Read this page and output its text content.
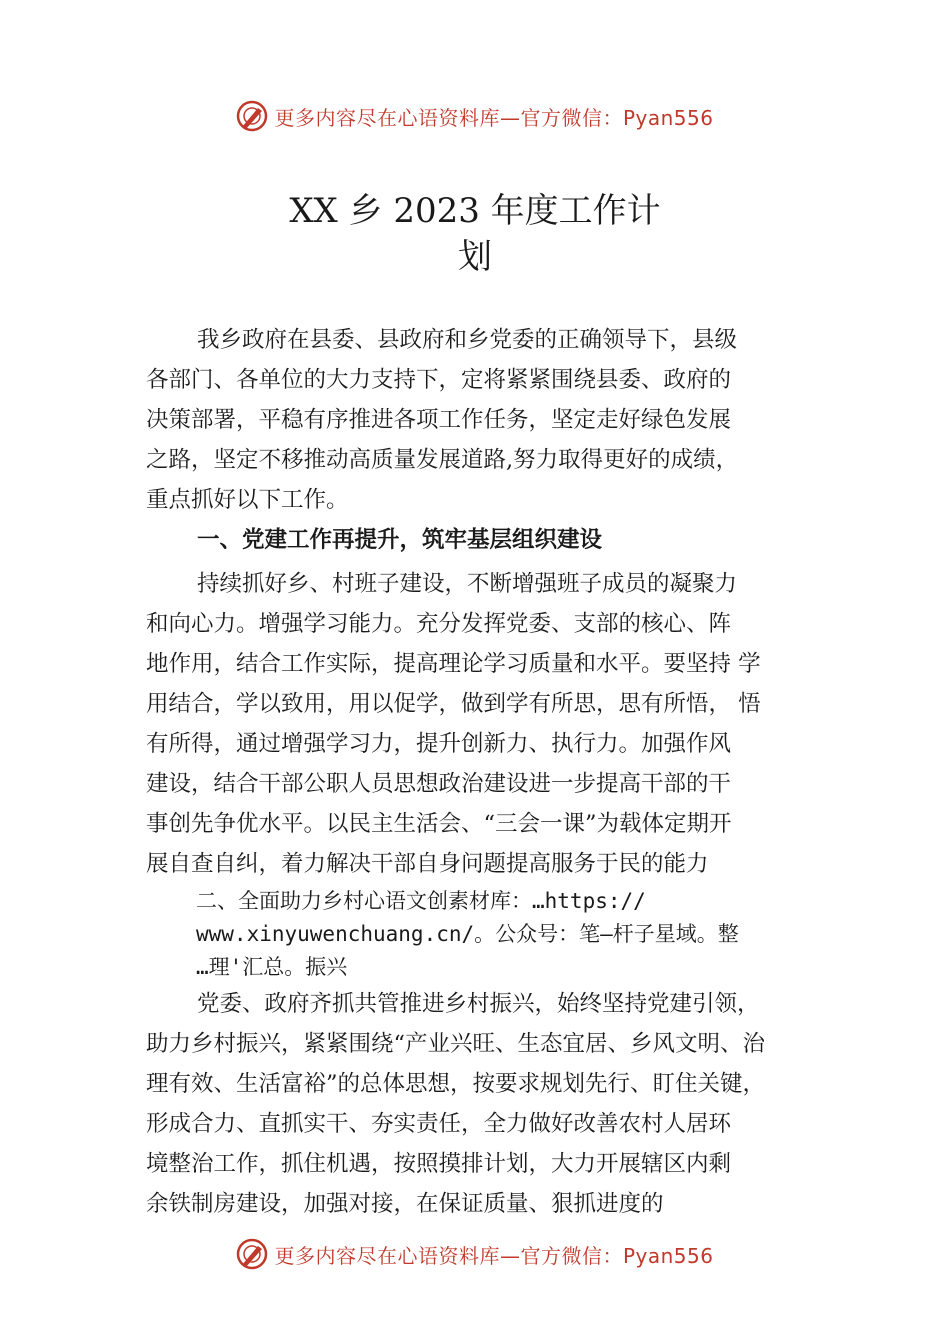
更多内容尽在心语资料库—官方微信：Pyan556
XX 乡 2023 年度工作计
划
我乡政府在县委、县政府和乡党委的正确领导下，县级
各部门、各单位的大力支持下，定将紧紧围绕县委、政府的
决策部署，平稳有序推进各项工作任务，坚定走好绿色发展
之路，坚定不移推动高质量发展道路,努力取得更好的成绩，
重点抓好以下工作。
一、党建工作再提升，筑牢基层组织建设
持续抓好乡、村班子建设，不断增强班子成员的凝聚力
和向心力。增强学习能力。充分发挥党委、支部的核心、阵
地作用，结合工作实际，提高理论学习质量和水平。要坚持 学
用结合，学以致用，用以促学，做到学有所思，思有所悟， 悟
有所得，通过增强学习力，提升创新力、执行力。加强作风
建设，结合干部公职人员思想政治建设进一步提高干部的干
事创先争优水平。以民主生活会、“三会一课”为载体定期开
展自查自纠，着力解决干部自身问题提高服务于民的能力
二、全面助力乡村心语文创素材库：…https://
www.xinyuwenchuang.cn/。公众号：笔—杆子星域。整
…理'汇总。振兴
党委、政府齐抓共管推进乡村振兴，始终坚持党建引领，
助力乡村振兴，紧紧围绕“产业兴旺、生态宜居、乡风文明、治
理有效、生活富裕”的总体思想，按要求规划先行、盯住关键，
形成合力、直抓实干、夯实责任，全力做好改善农村人居环
境整治工作，抓住机遇，按照摸排计划，大力开展辖区内剩
余铁制房建设，加强对接，在保证质量、狠抓进度的
更多内容尽在心语资料库—官方微信：Pyan556
